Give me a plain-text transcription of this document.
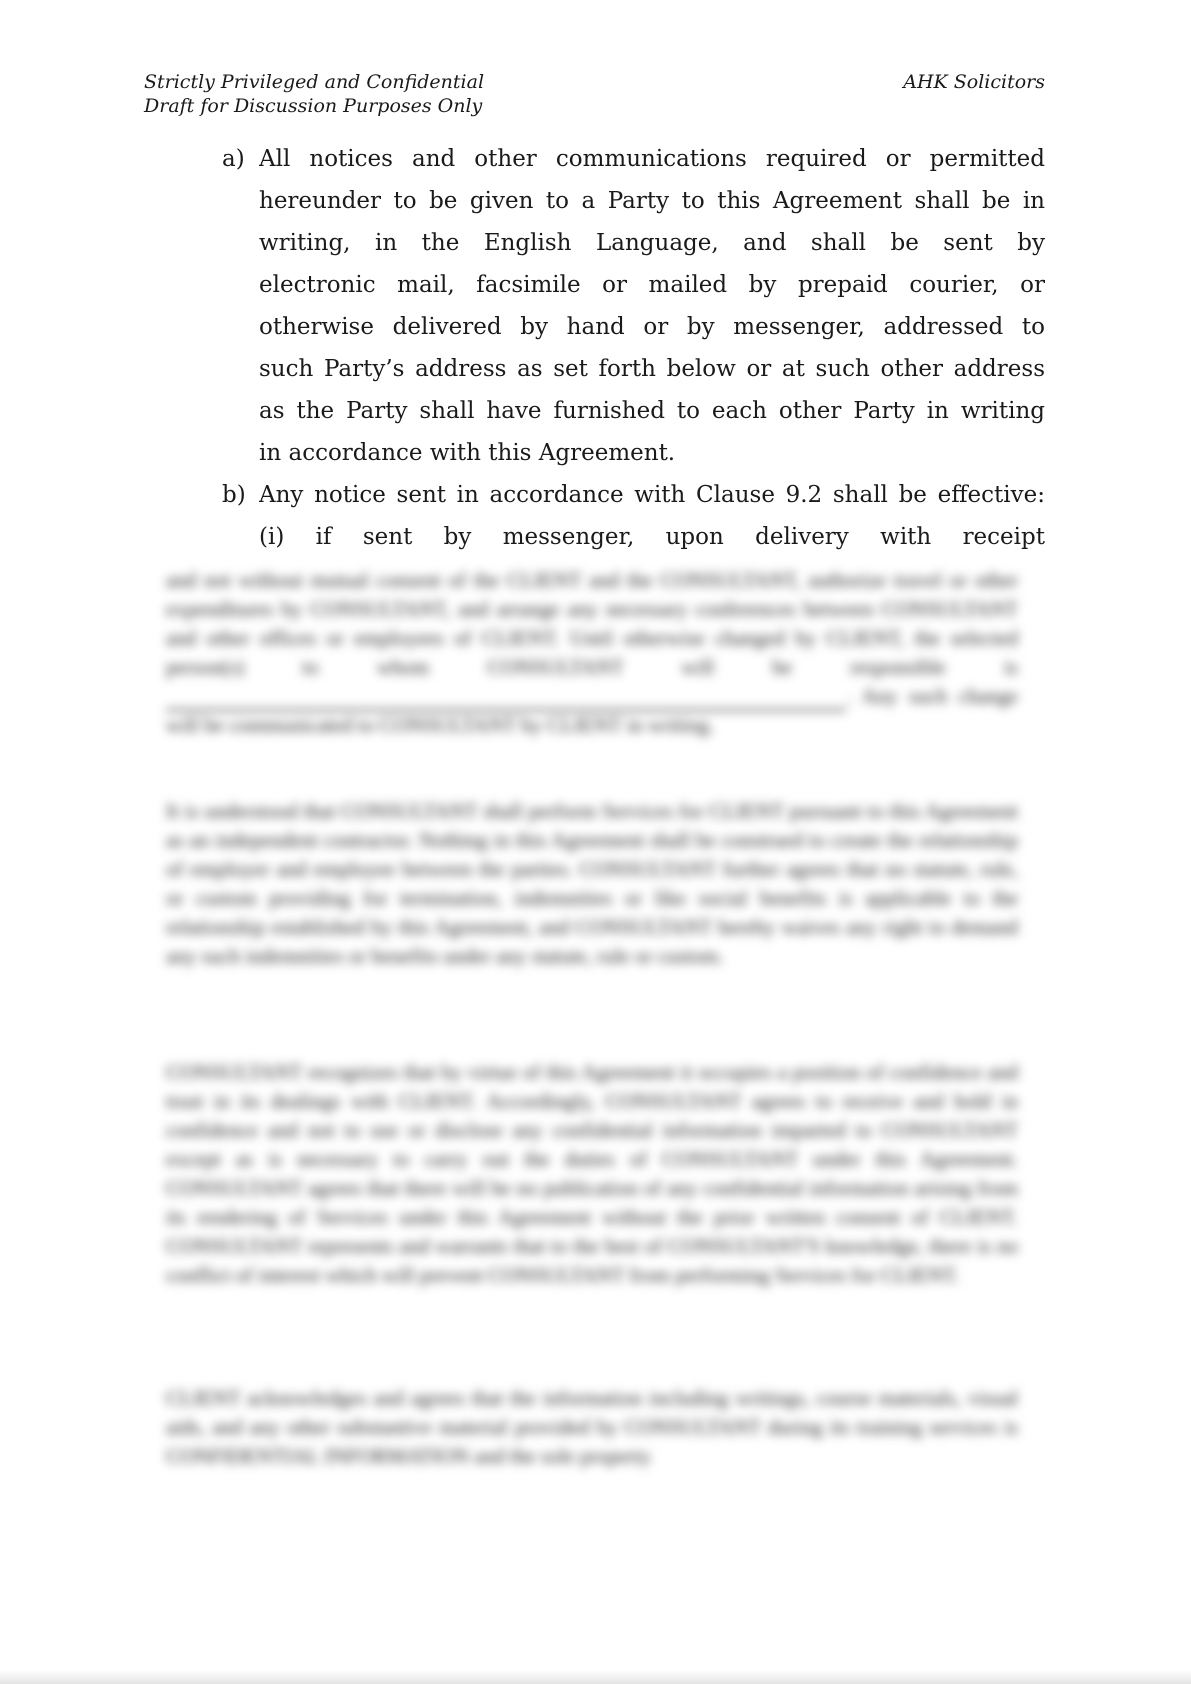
Strictly Privileged and Confidential
Draft for Discussion Purposes Only
AHK Solicitors
a) All notices and other communications required or permitted
hereunder to be given to a Party to this Agreement shall be in
writing, in the English Language, and shall be sent by
electronic mail, facsimile or mailed by prepaid courier, or
otherwise delivered by hand or by messenger, addressed to
such Party’s address as set forth below or at such other address
as the Party shall have furnished to each other Party in writing
in accordance with this Agreement.
b) Any notice sent in accordance with Clause 9.2 shall be effective:
(i) if sent by messenger, upon delivery with receipt
and not without mutual consent of the CLIENT and the CONSULTANT, authorize travel or other expenditures by CONSULTANT, and arrange any necessary conferences between CONSULTANT and other offices or employees of CLIENT. Until otherwise changed by CLIENT, the selected person(s) to whom CONSULTANT will be responsible is . Any such change will be communicated to CONSULTANT by CLIENT in writing.
It is understood that CONSULTANT shall perform Services for CLIENT pursuant to this Agreement as an independent contractor. Nothing in this Agreement shall be construed to create the relationship of employer and employee between the parties. CONSULTANT further agrees that no statute, rule, or custom providing for termination, indemnities or like social benefits is applicable to the relationship established by this Agreement, and CONSULTANT hereby waives any right to demand any such indemnities or benefits under any statute, rule or custom.
CONSULTANT recognizes that by virtue of this Agreement it occupies a position of confidence and trust in its dealings with CLIENT. Accordingly, CONSULTANT agrees to receive and hold in confidence and not to use or disclose any confidential information imparted to CONSULTANT except as is necessary to carry out the duties of CONSULTANT under this Agreement. CONSULTANT agrees that there will be no publication of any confidential information arising from its rendering of Services under this Agreement without the prior written consent of CLIENT. CONSULTANT represents and warrants that to the best of CONSULTANT'S knowledge, there is no conflict of interest which will prevent CONSULTANT from performing Services for CLIENT.
CLIENT acknowledges and agrees that the information including writings, course materials, visual aids, and any other substantive material provided by CONSULTANT during its training services is CONFIDENTIAL INFORMATION and the sole property
